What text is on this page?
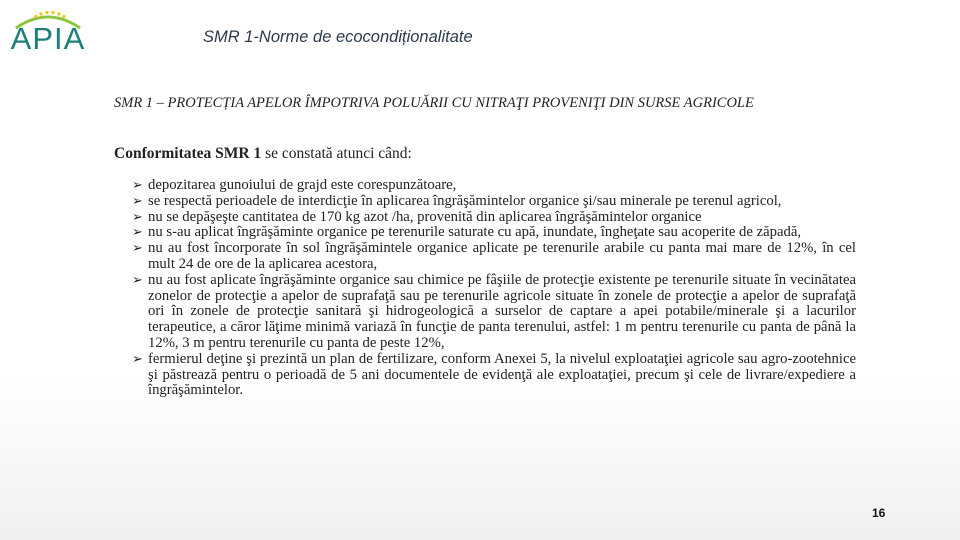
APIA	SMR 1-Norme de ecocondiționalitate

SMR 1 – PROTECȚIA APELOR ÎMPOTRIVA POLUĂRII CU NITRAŢI PROVENIŢI DIN SURSE AGRICOLE

Conformitatea SMR 1 se constată atunci când:

➢ depozitarea gunoiului de grajd este corespunzătoare,
➢ se respectă perioadele de interdicţie în aplicarea îngrăşămintelor organice şi/sau minerale pe terenul agricol,
➢ nu se depăşeşte cantitatea de 170 kg azot /ha, provenită din aplicarea îngrăşămintelor organice
➢ nu s-au aplicat îngrăşăminte organice pe terenurile saturate cu apă, inundate, îngheţate sau acoperite de zăpadă,
➢ nu au fost încorporate în sol îngrăşămintele organice aplicate pe terenurile arabile cu panta mai mare de 12%, în cel mult 24 de ore de la aplicarea acestora,
➢ nu au fost aplicate îngrăşăminte organice sau chimice pe fâşiile de protecţie existente pe terenurile situate în vecinătatea zonelor de protecţie a apelor de suprafaţă sau pe terenurile agricole situate în zonele de protecţie a apelor de suprafaţă ori în zonele de protecţie sanitară şi hidrogeologică a surselor de captare a apei potabile/minerale şi a lacurilor terapeutice, a căror lăţime minimă variază în funcţie de panta terenului, astfel: 1 m pentru terenurile cu panta de până la 12%, 3 m pentru terenurile cu panta de peste 12%,
➢ fermierul deţine şi prezintă un plan de fertilizare, conform Anexei 5, la nivelul exploataţiei agricole sau agro-zootehnice şi păstrează pentru o perioadă de 5 ani documentele de evidenţă ale exploataţiei, precum şi cele de livrare/expediere a îngrăşămintelor.
16
